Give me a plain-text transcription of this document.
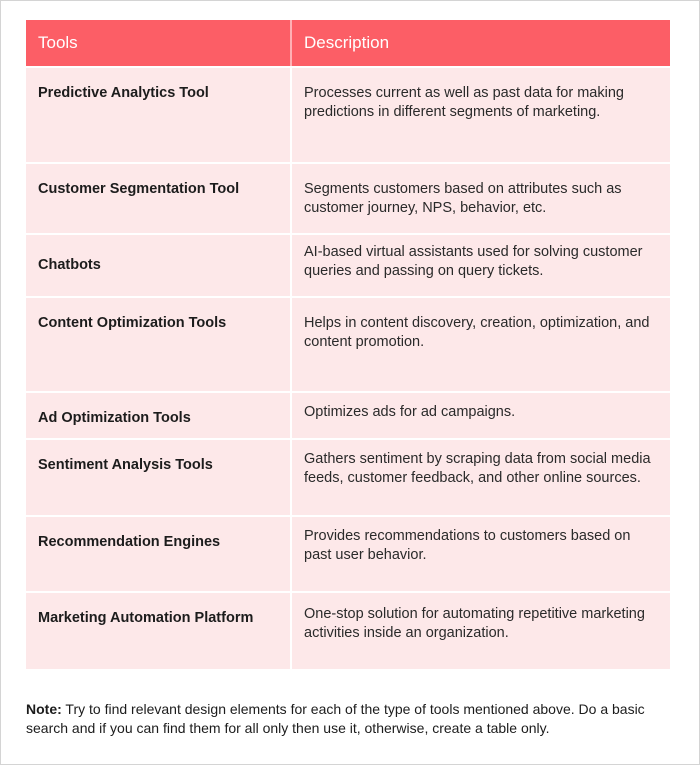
Tools	Description
Predictive Analytics Tool	Processes current as well as past data for making predictions in different segments of marketing.
Customer Segmentation Tool	Segments customers based on attributes such as customer journey, NPS, behavior, etc.
Chatbots	AI-based virtual assistants used for solving customer queries and passing on query tickets.
Content Optimization Tools	Helps in content discovery, creation, optimization, and content promotion.
Ad Optimization Tools	Optimizes ads for ad campaigns.
Sentiment Analysis Tools	Gathers sentiment by scraping data from social media feeds, customer feedback, and other online sources.
Recommendation Engines	Provides recommendations to customers based on past user behavior.
Marketing Automation Platform	One-stop solution for automating repetitive marketing activities inside an organization.
Note: Try to find relevant design elements for each of the type of tools mentioned above. Do a basic search and if you can find them for all only then use it, otherwise, create a table only.
